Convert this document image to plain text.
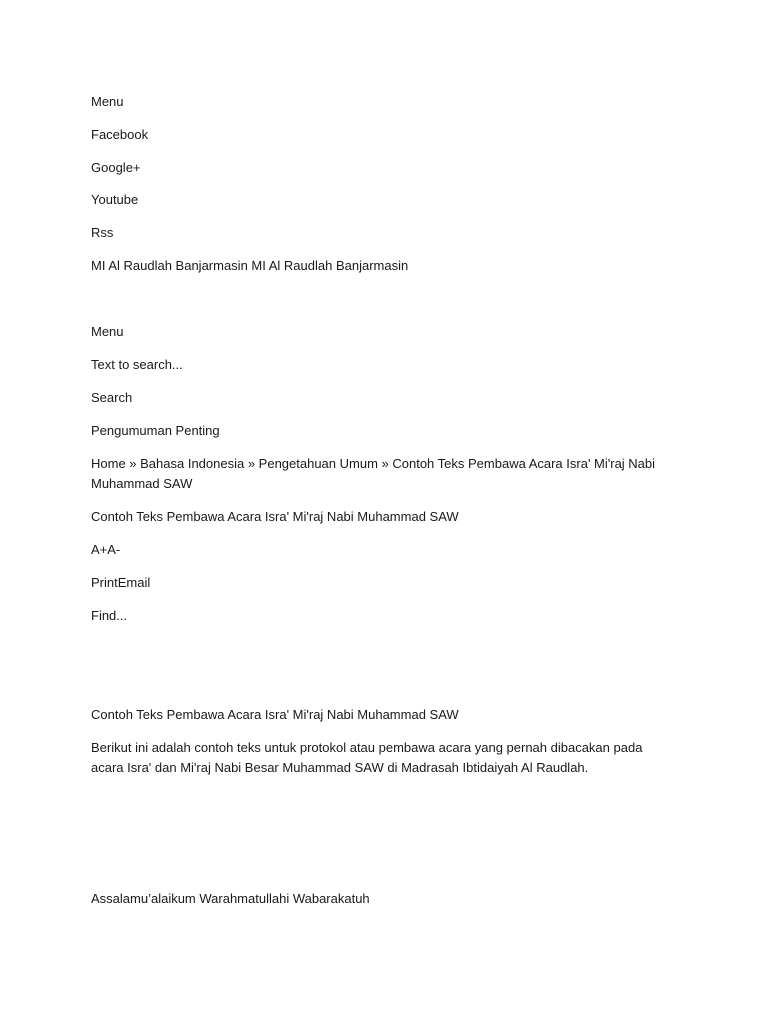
Menu
Facebook
Google+
Youtube
Rss
MI Al Raudlah Banjarmasin MI Al Raudlah Banjarmasin
Menu
Text to search...
Search
Pengumuman Penting
Home » Bahasa Indonesia » Pengetahuan Umum » Contoh Teks Pembawa Acara Isra' Mi'raj Nabi Muhammad SAW
Contoh Teks Pembawa Acara Isra' Mi'raj Nabi Muhammad SAW
A+A-
PrintEmail
Find...
Contoh Teks Pembawa Acara Isra' Mi'raj Nabi Muhammad SAW
Berikut ini adalah contoh teks untuk protokol atau pembawa acara yang pernah dibacakan pada acara Isra' dan Mi'raj Nabi Besar Muhammad SAW di Madrasah Ibtidaiyah Al Raudlah.
Assalamu’alaikum Warahmatullahi Wabarakatuh
